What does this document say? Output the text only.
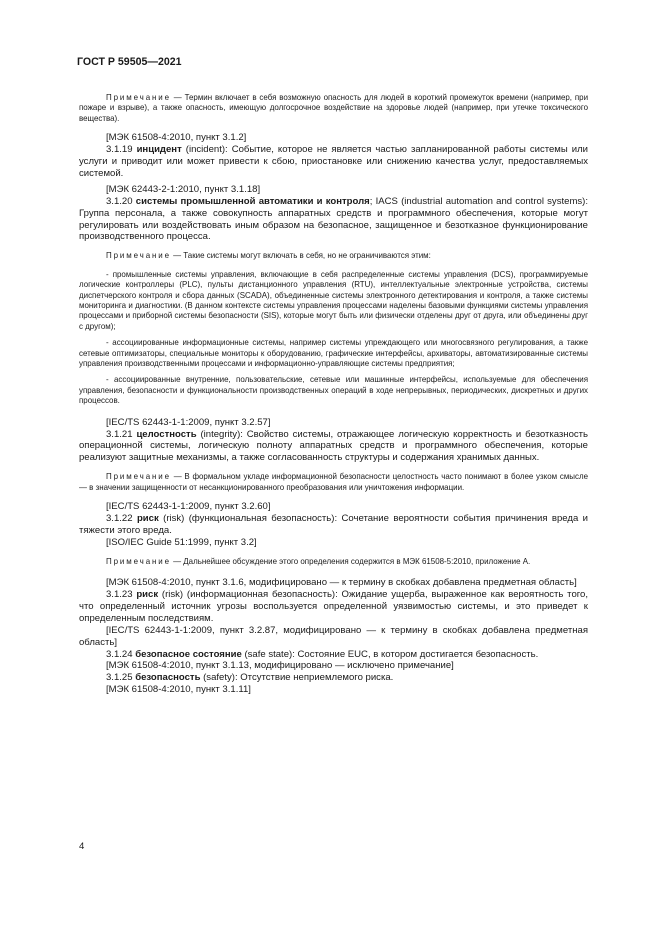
ГОСТ Р 59505—2021

Примечание — Термин включает в себя возможную опасность для людей в короткий промежуток времени (например, при пожаре и взрыве), а также опасность, имеющую долгосрочное воздействие на здоровье людей (например, при утечке токсического вещества).

[МЭК 61508-4:2010, пункт 3.1.2]

3.1.19 инцидент (incident): Событие, которое не является частью запланированной работы системы или услуги и приводит или может привести к сбою, приостановке или снижению качества услуг, предоставляемых системой.

[МЭК 62443-2-1:2010, пункт 3.1.18]

3.1.20 системы промышленной автоматики и контроля; IACS (industrial automation and control systems): Группа персонала, а также совокупность аппаратных средств и программного обеспечения, которые могут регулировать или воздействовать иным образом на безопасное, защищенное и безотказное функционирование производственного процесса.

Примечание — Такие системы могут включать в себя, но не ограничиваются этим:

- промышленные системы управления, включающие в себя распределенные системы управления (DCS), программируемые логические контроллеры (PLC), пульты дистанционного управления (RTU), интеллектуальные электронные устройства, системы диспетчерского контроля и сбора данных (SCADA), объединенные системы электронного детектирования и контроля, а также системы мониторинга и диагностики. (В данном контексте системы управления процессами наделены базовыми функциями системы управления процессами и приборной системы безопасности (SIS), которые могут быть или физически отделены друг от друга, или объединены друг с другом);

- ассоциированные информационные системы, например системы упреждающего или многосвязного регулирования, а также сетевые оптимизаторы, специальные мониторы к оборудованию, графические интерфейсы, архиваторы, автоматизированные системы управления производственными процессами и информационно-управляющие системы предприятия;

- ассоциированные внутренние, пользовательские, сетевые или машинные интерфейсы, используемые для обеспечения управления, безопасности и функциональности производственных операций в ходе непрерывных, периодических, дискретных и других процессов.

[IEC/TS 62443-1-1:2009, пункт 3.2.57]

3.1.21 целостность (integrity): Свойство системы, отражающее логическую корректность и безотказность операционной системы, логическую полноту аппаратных средств и программного обеспечения, которые реализуют защитные механизмы, а также согласованность структуры и содержания хранимых данных.

Примечание — В формальном укладе информационной безопасности целостность часто понимают в более узком смысле — в значении защищенности от несанкционированного преобразования или уничтожения информации.

[IEC/TS 62443-1-1:2009, пункт 3.2.60]

3.1.22 риск (risk) (функциональная безопасность): Сочетание вероятности события причинения вреда и тяжести этого вреда.

[ISO/IEC Guide 51:1999, пункт 3.2]

Примечание — Дальнейшее обсуждение этого определения содержится в МЭК 61508-5:2010, приложение А.

[МЭК 61508-4:2010, пункт 3.1.6, модифицировано — к термину в скобках добавлена предметная область]

3.1.23 риск (risk) (информационная безопасность): Ожидание ущерба, выраженное как вероятность того, что определенный источник угрозы воспользуется определенной уязвимостью системы, и это приведет к определенным последствиям.

[IEC/TS 62443-1-1:2009, пункт 3.2.87, модифицировано — к термину в скобках добавлена предметная область]

3.1.24 безопасное состояние (safe state): Состояние EUC, в котором достигается безопасность.

[МЭК 61508-4:2010, пункт 3.1.13, модифицировано — исключено примечание]

3.1.25 безопасность (safety): Отсутствие неприемлемого риска.

[МЭК 61508-4:2010, пункт 3.1.11]

4
